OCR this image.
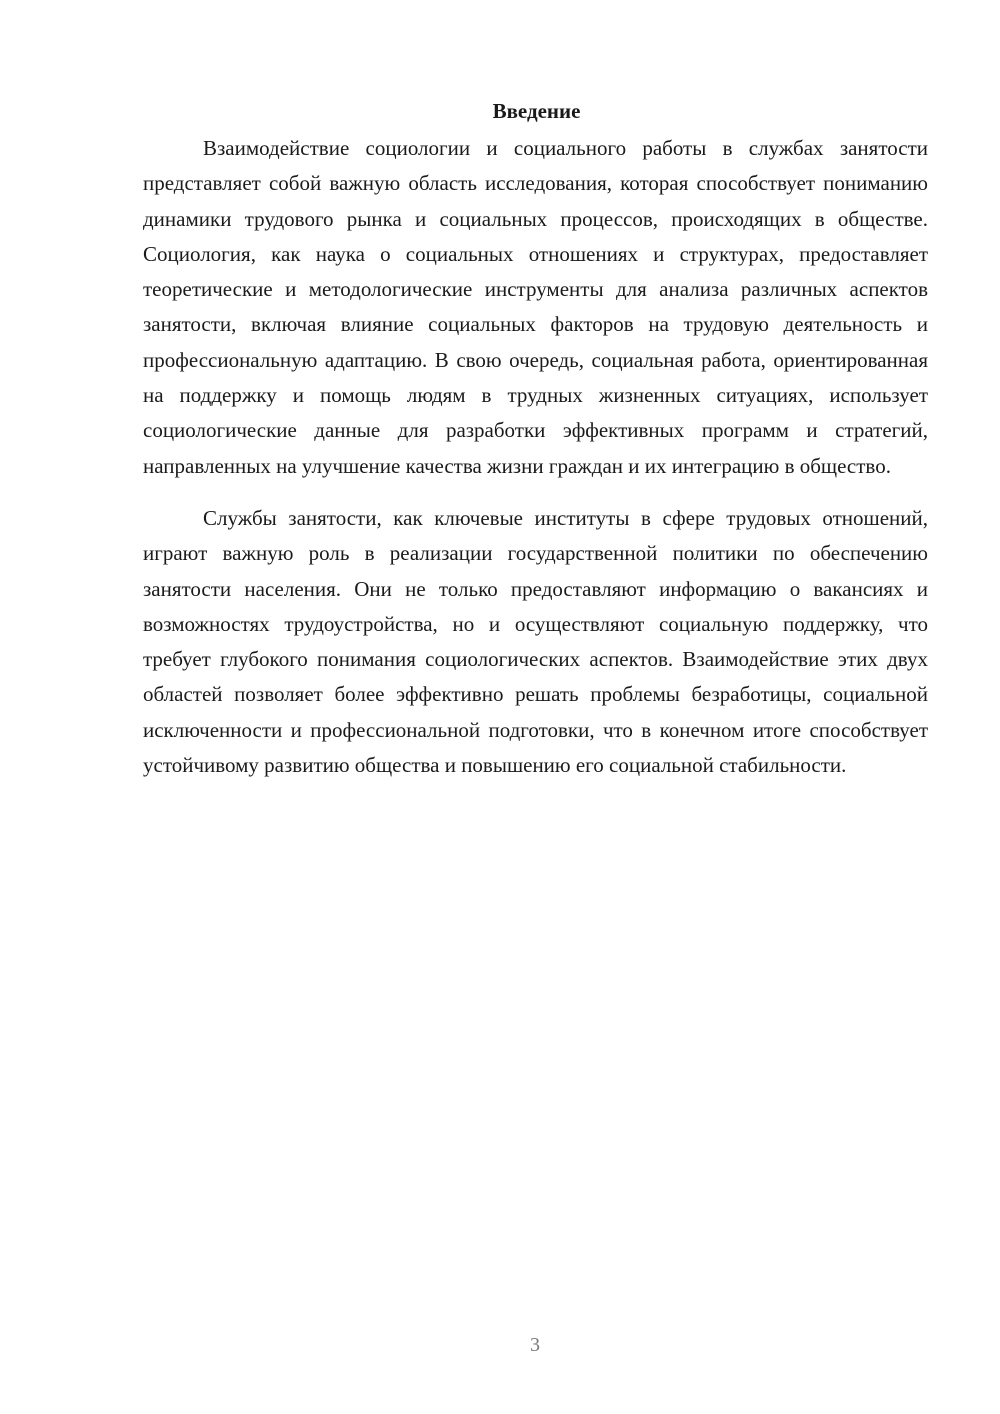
Введение

Взаимодействие социологии и социального работы в службах занятости представляет собой важную область исследования, которая способствует пониманию динамики трудового рынка и социальных процессов, происходящих в обществе. Социология, как наука о социальных отношениях и структурах, предоставляет теоретические и методологические инструменты для анализа различных аспектов занятости, включая влияние социальных факторов на трудовую деятельность и профессиональную адаптацию. В свою очередь, социальная работа, ориентированная на поддержку и помощь людям в трудных жизненных ситуациях, использует социологические данные для разработки эффективных программ и стратегий, направленных на улучшение качества жизни граждан и их интеграцию в общество.

Службы занятости, как ключевые институты в сфере трудовых отношений, играют важную роль в реализации государственной политики по обеспечению занятости населения. Они не только предоставляют информацию о вакансиях и возможностях трудоустройства, но и осуществляют социальную поддержку, что требует глубокого понимания социологических аспектов. Взаимодействие этих двух областей позволяет более эффективно решать проблемы безработицы, социальной исключенности и профессиональной подготовки, что в конечном итоге способствует устойчивому развитию общества и повышению его социальной стабильности.

3
